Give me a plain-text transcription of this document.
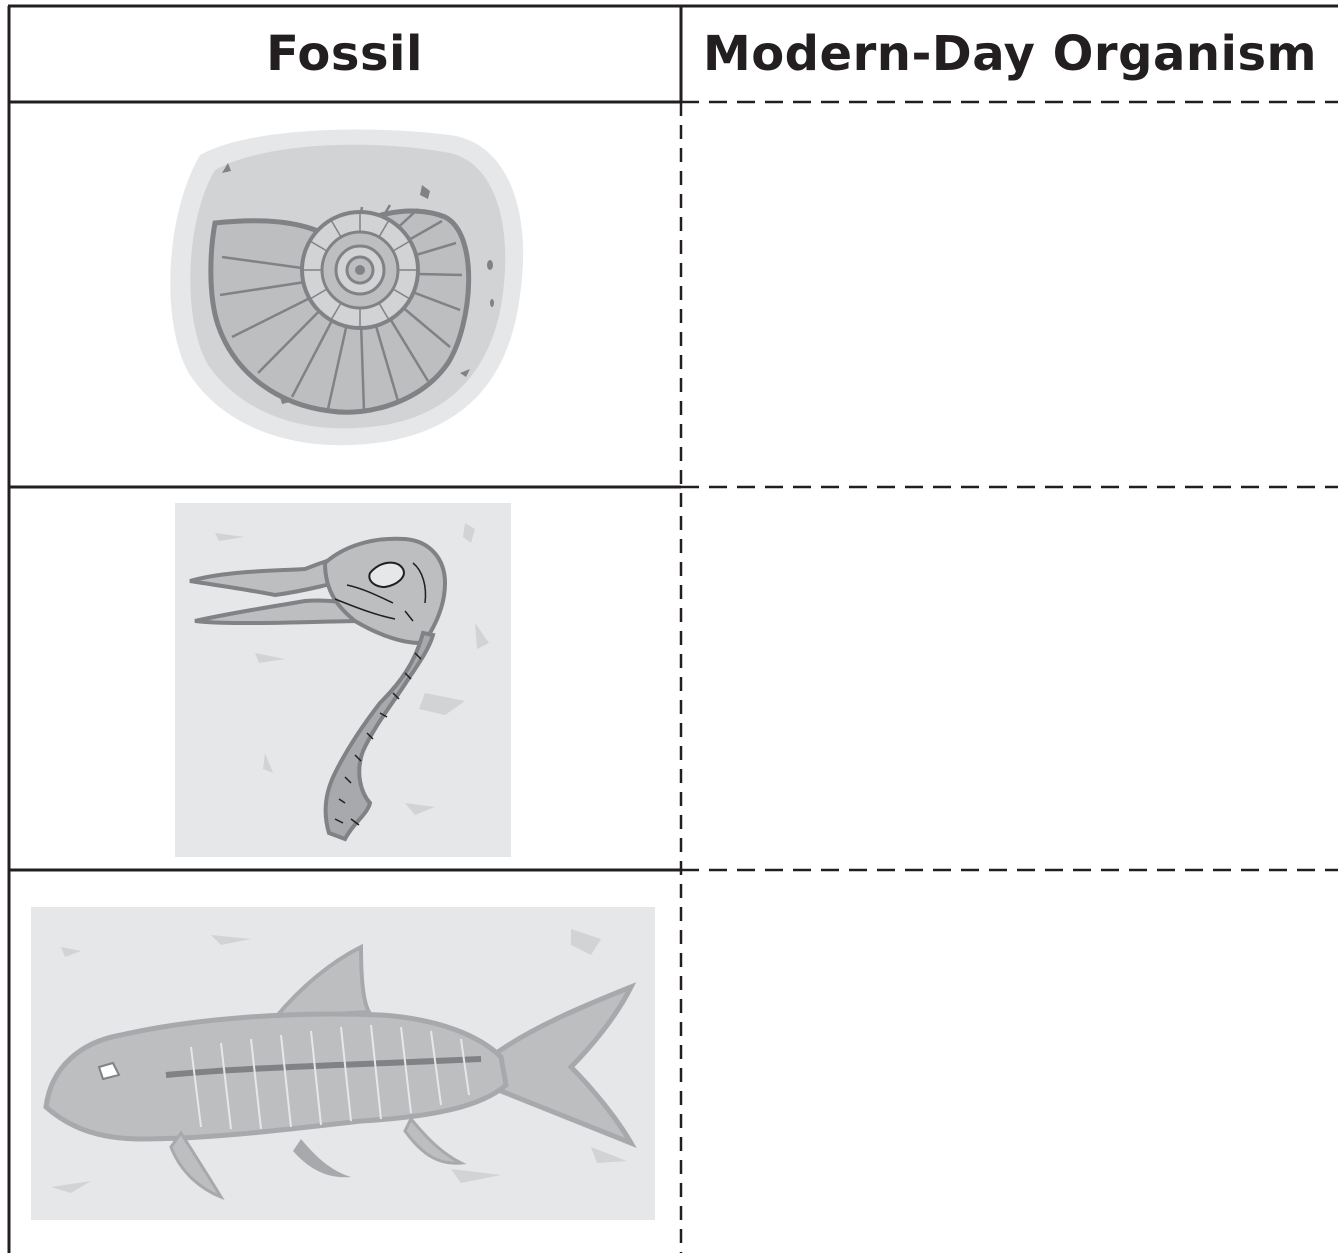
Fossil	Modern-Day Organism
